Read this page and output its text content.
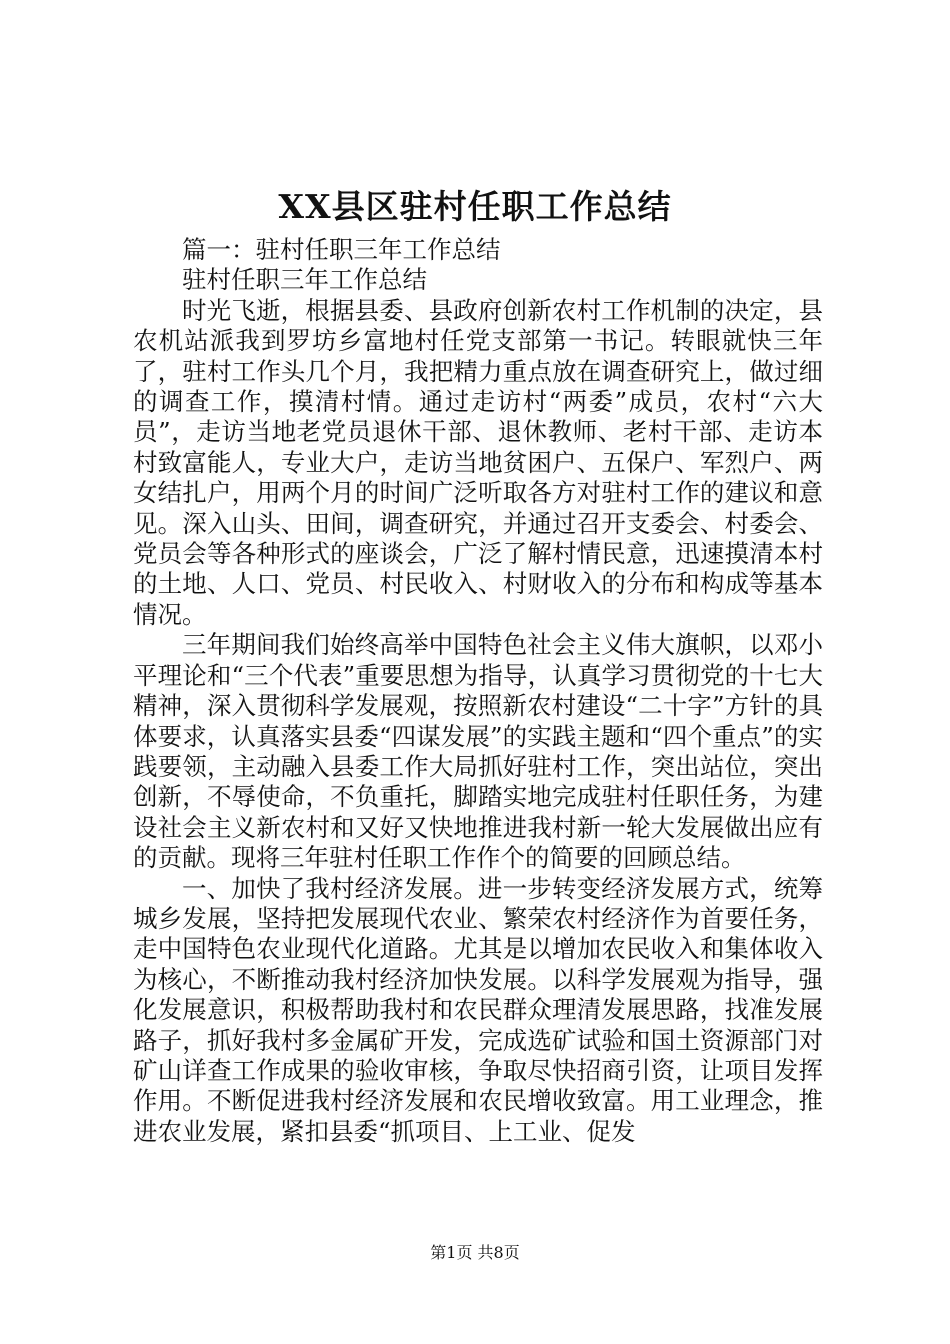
XX县区驻村任职工作总结

篇一：驻村任职三年工作总结

驻村任职三年工作总结

时光飞逝，根据县委、县政府创新农村工作机制的决定，县农机站派我到罗坊乡富地村任党支部第一书记。转眼就快三年了，驻村工作头几个月，我把精力重点放在调查研究上，做过细的调查工作，摸清村情。通过走访村“两委”成员，农村“六大员”，走访当地老党员退休干部、退休教师、老村干部、走访本村致富能人，专业大户，走访当地贫困户、五保户、军烈户、两女结扎户，用两个月的时间广泛听取各方对驻村工作的建议和意见。深入山头、田间，调查研究，并通过召开支委会、村委会、党员会等各种形式的座谈会，广泛了解村情民意，迅速摸清本村的土地、人口、党员、村民收入、村财收入的分布和构成等基本情况。

三年期间我们始终高举中国特色社会主义伟大旗帜，以邓小平理论和“三个代表”重要思想为指导，认真学习贯彻党的十七大精神，深入贯彻科学发展观，按照新农村建设“二十字”方针的具体要求，认真落实县委“四谋发展”的实践主题和“四个重点”的实践要领，主动融入县委工作大局抓好驻村工作，突出站位，突出创新，不辱使命，不负重托，脚踏实地完成驻村任职任务，为建设社会主义新农村和又好又快地推进我村新一轮大发展做出应有的贡献。现将三年驻村任职工作作个的简要的回顾总结。

一、加快了我村经济发展。进一步转变经济发展方式，统筹城乡发展，坚持把发展现代农业、繁荣农村经济作为首要任务，走中国特色农业现代化道路。尤其是以增加农民收入和集体收入为核心，不断推动我村经济加快发展。以科学发展观为指导，强化发展意识，积极帮助我村和农民群众理清发展思路，找准发展路子，抓好我村多金属矿开发，完成选矿试验和国土资源部门对矿山详查工作成果的验收审核，争取尽快招商引资，让项目发挥作用。不断促进我村经济发展和农民增收致富。用工业理念，推进农业发展，紧扣县委“抓项目、上工业、促发

第1页 共8页
